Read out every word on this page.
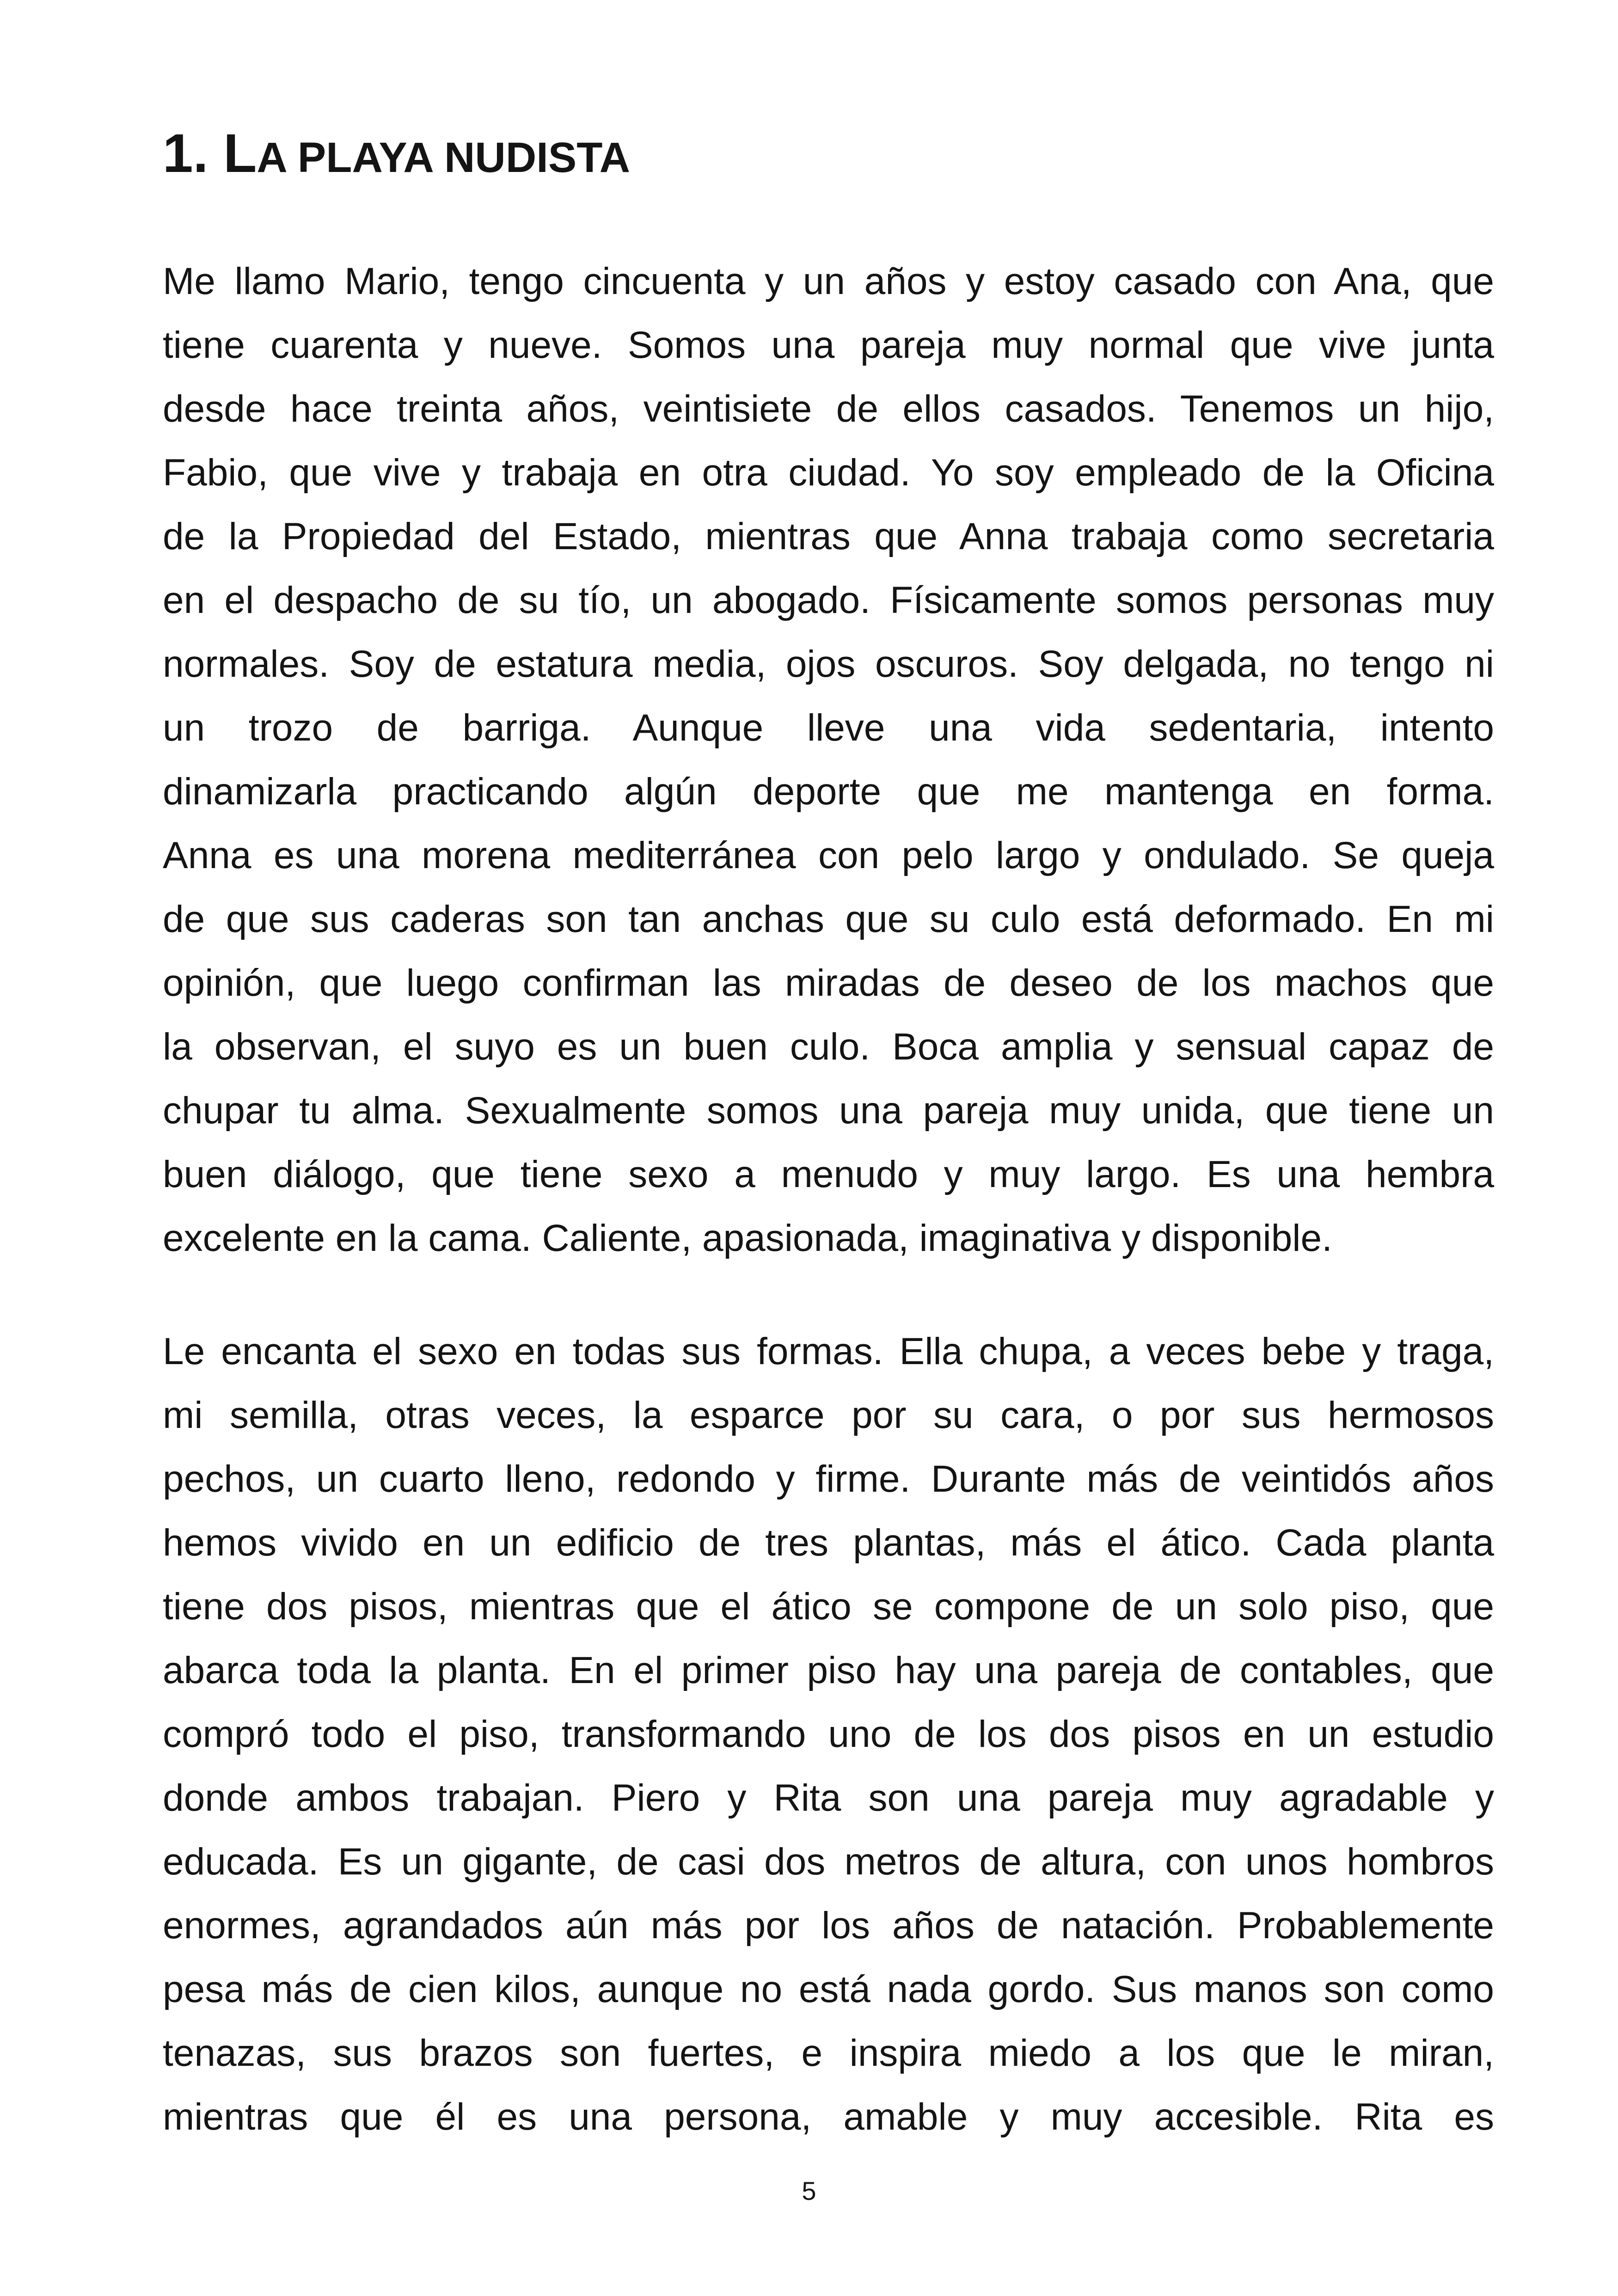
1. LA PLAYA NUDISTA
Me llamo Mario, tengo cincuenta y un años y estoy casado con Ana, que
tiene cuarenta y nueve. Somos una pareja muy normal que vive junta
desde hace treinta años, veintisiete de ellos casados. Tenemos un hijo,
Fabio, que vive y trabaja en otra ciudad. Yo soy empleado de la Oficina
de la Propiedad del Estado, mientras que Anna trabaja como secretaria
en el despacho de su tío, un abogado. Físicamente somos personas muy
normales. Soy de estatura media, ojos oscuros. Soy delgada, no tengo ni
un trozo de barriga. Aunque lleve una vida sedentaria, intento
dinamizarla practicando algún deporte que me mantenga en forma.
Anna es una morena mediterránea con pelo largo y ondulado. Se queja
de que sus caderas son tan anchas que su culo está deformado. En mi
opinión, que luego confirman las miradas de deseo de los machos que
la observan, el suyo es un buen culo. Boca amplia y sensual capaz de
chupar tu alma. Sexualmente somos una pareja muy unida, que tiene un
buen diálogo, que tiene sexo a menudo y muy largo. Es una hembra
excelente en la cama. Caliente, apasionada, imaginativa y disponible.
Le encanta el sexo en todas sus formas. Ella chupa, a veces bebe y traga,
mi semilla, otras veces, la esparce por su cara, o por sus hermosos
pechos, un cuarto lleno, redondo y firme. Durante más de veintidós años
hemos vivido en un edificio de tres plantas, más el ático. Cada planta
tiene dos pisos, mientras que el ático se compone de un solo piso, que
abarca toda la planta. En el primer piso hay una pareja de contables, que
compró todo el piso, transformando uno de los dos pisos en un estudio
donde ambos trabajan. Piero y Rita son una pareja muy agradable y
educada. Es un gigante, de casi dos metros de altura, con unos hombros
enormes, agrandados aún más por los años de natación. Probablemente
pesa más de cien kilos, aunque no está nada gordo. Sus manos son como
tenazas, sus brazos son fuertes, e inspira miedo a los que le miran,
mientras que él es una persona, amable y muy accesible. Rita es
5
